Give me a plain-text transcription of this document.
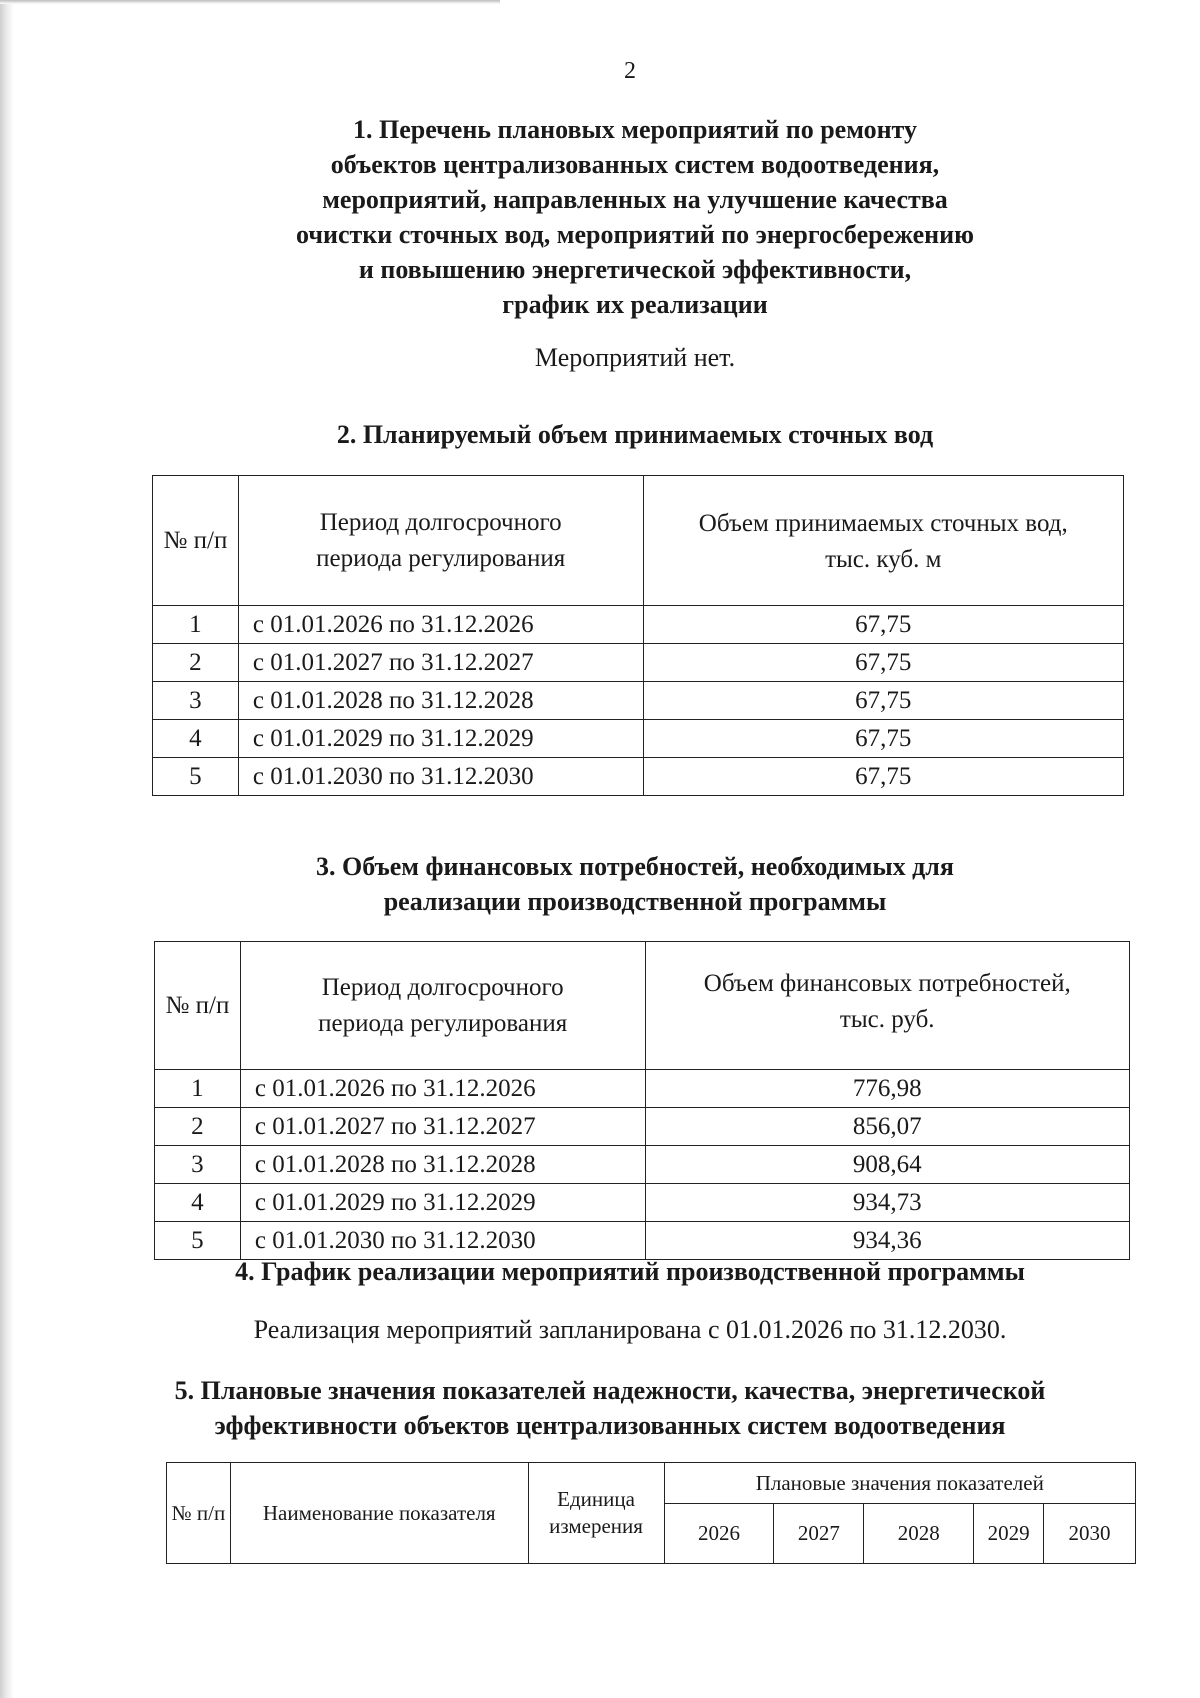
2
1. Перечень плановых мероприятий по ремонту
объектов централизованных систем водоотведения,
мероприятий, направленных на улучшение качества
очистки сточных вод, мероприятий по энергосбережению
и повышению энергетической эффективности,
график их реализации
Мероприятий нет.
2. Планируемый объем принимаемых сточных вод
№ п/п	Период долгосрочного периода регулирования	Объем принимаемых сточных вод, тыс. куб. м
1	с 01.01.2026 по 31.12.2026	67,75
2	с 01.01.2027 по 31.12.2027	67,75
3	с 01.01.2028 по 31.12.2028	67,75
4	с 01.01.2029 по 31.12.2029	67,75
5	с 01.01.2030 по 31.12.2030	67,75
3. Объем финансовых потребностей, необходимых для
реализации производственной программы
№ п/п	Период долгосрочного периода регулирования	Объем финансовых потребностей, тыс. руб.
1	с 01.01.2026 по 31.12.2026	776,98
2	с 01.01.2027 по 31.12.2027	856,07
3	с 01.01.2028 по 31.12.2028	908,64
4	с 01.01.2029 по 31.12.2029	934,73
5	с 01.01.2030 по 31.12.2030	934,36
4. График реализации мероприятий производственной программы
Реализация мероприятий запланирована с 01.01.2026 по 31.12.2030.
5. Плановые значения показателей надежности, качества, энергетической
эффективности объектов централизованных систем водоотведения
№ п/п	Наименование показателя	Единица измерения	Плановые значения показателей				
			2026	2027	2028	2029	2030
